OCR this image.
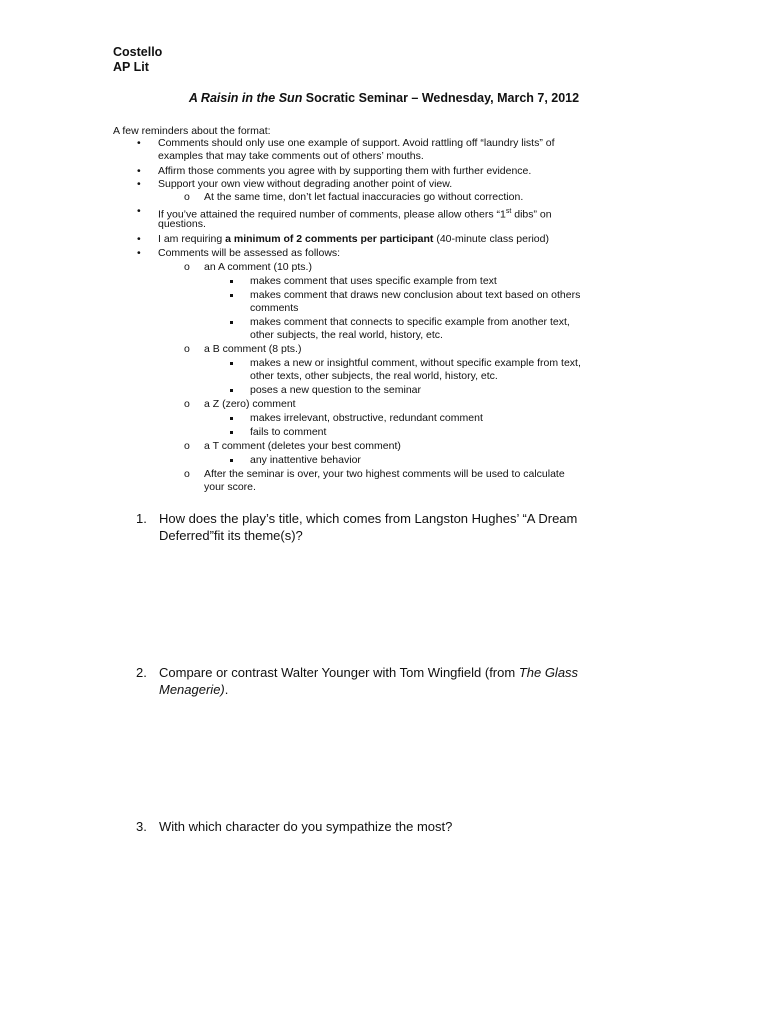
Costello
AP Lit
A Raisin in the Sun Socratic Seminar – Wednesday, March 7, 2012
A few reminders about the format:
• Comments should only use one example of support. Avoid rattling off “laundry lists” of
examples that may take comments out of others’ mouths.
• Affirm those comments you agree with by supporting them with further evidence.
• Support your own view without degrading another point of view.
o At the same time, don’t let factual inaccuracies go without correction.
• If you’ve attained the required number of comments, please allow others “1st dibs” on
questions.
• I am requiring a minimum of 2 comments per participant (40-minute class period)
• Comments will be assessed as follows:
o an A comment (10 pts.)
makes comment that uses specific example from text
makes comment that draws new conclusion about text based on others
comments
makes comment that connects to specific example from another text,
other subjects, the real world, history, etc.
o a B comment (8 pts.)
makes a new or insightful comment, without specific example from text,
other texts, other subjects, the real world, history, etc.
poses a new question to the seminar
o a Z (zero) comment
makes irrelevant, obstructive, redundant comment
fails to comment
o a T comment (deletes your best comment)
any inattentive behavior
o After the seminar is over, your two highest comments will be used to calculate
your score.
1. How does the play’s title, which comes from Langston Hughes’ “A Dream
Deferred”fit its theme(s)?
2. Compare or contrast Walter Younger with Tom Wingfield (from The Glass
Menagerie).
3. With which character do you sympathize the most?
